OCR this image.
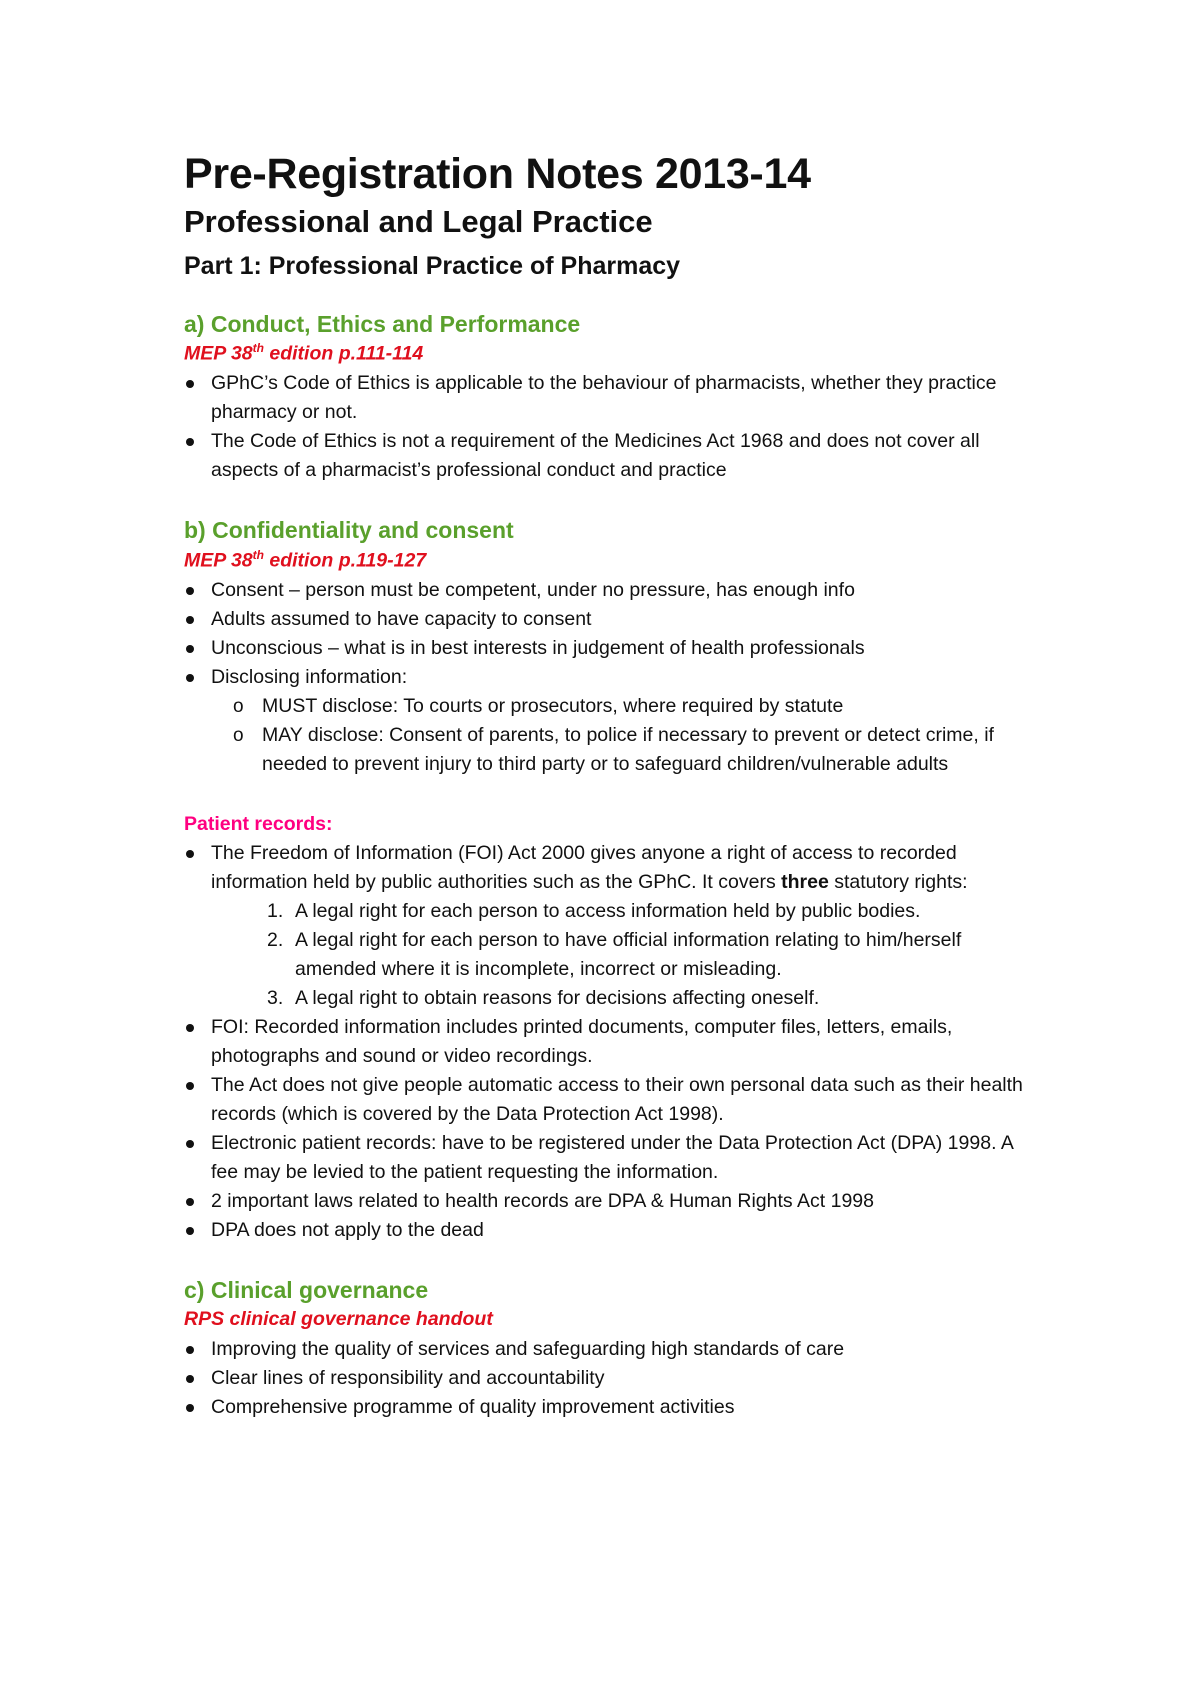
Pre-Registration Notes 2013-14
Professional and Legal Practice
Part 1: Professional Practice of Pharmacy
a) Conduct, Ethics and Performance
MEP 38th edition p.111-114
GPhC’s Code of Ethics is applicable to the behaviour of pharmacists, whether they practice pharmacy or not.
The Code of Ethics is not a requirement of the Medicines Act 1968 and does not cover all aspects of a pharmacist’s professional conduct and practice
b) Confidentiality and consent
MEP 38th edition p.119-127
Consent – person must be competent, under no pressure, has enough info
Adults assumed to have capacity to consent
Unconscious – what is in best interests in judgement of health professionals
Disclosing information:
o MUST disclose: To courts or prosecutors, where required by statute
o MAY disclose: Consent of parents, to police if necessary to prevent or detect crime, if needed to prevent injury to third party or to safeguard children/vulnerable adults
Patient records:
The Freedom of Information (FOI) Act 2000 gives anyone a right of access to recorded information held by public authorities such as the GPhC. It covers three statutory rights:
1. A legal right for each person to access information held by public bodies.
2. A legal right for each person to have official information relating to him/herself amended where it is incomplete, incorrect or misleading.
3. A legal right to obtain reasons for decisions affecting oneself.
FOI: Recorded information includes printed documents, computer files, letters, emails, photographs and sound or video recordings.
The Act does not give people automatic access to their own personal data such as their health records (which is covered by the Data Protection Act 1998).
Electronic patient records: have to be registered under the Data Protection Act (DPA) 1998. A fee may be levied to the patient requesting the information.
2 important laws related to health records are DPA & Human Rights Act 1998
DPA does not apply to the dead
c) Clinical governance
RPS clinical governance handout
Improving the quality of services and safeguarding high standards of care
Clear lines of responsibility and accountability
Comprehensive programme of quality improvement activities
